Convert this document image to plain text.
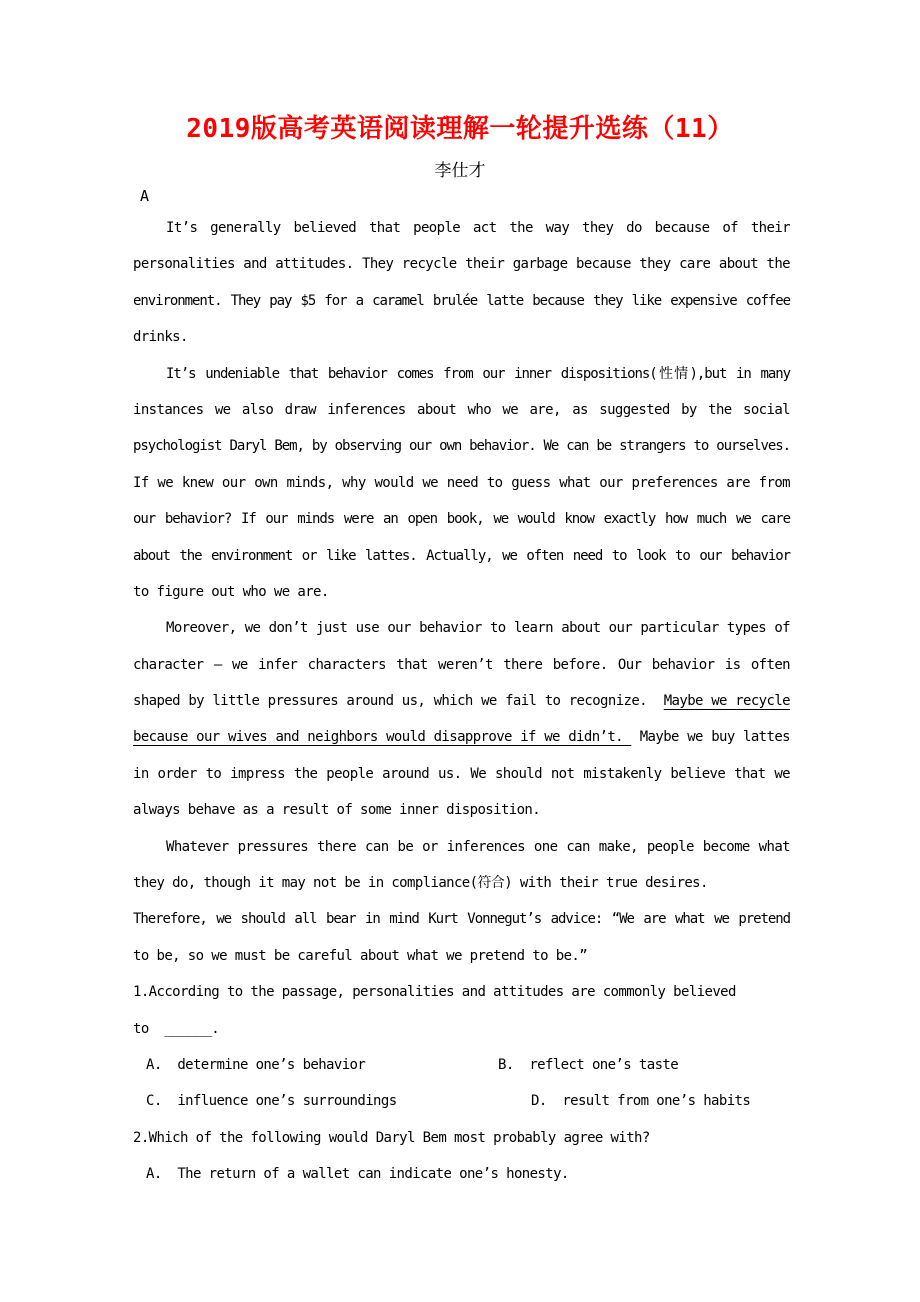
2019版高考英语阅读理解一轮提升选练（11）
李仕才
A
It’s generally believed that people act the way they do because of their
personalities and attitudes. They recycle their garbage because they care about the
environment. They pay $5 for a caramel brulée latte because they like expensive coffee
drinks.
It’s undeniable that behavior comes from our inner dispositions(性情),but in many
instances we also draw inferences about who we are, as suggested by the social
psychologist Daryl Bem, by observing our own behavior. We can be strangers to ourselves.
If we knew our own minds, why would we need to guess what our preferences are from
our behavior? If our minds were an open book, we would know exactly how much we care
about the environment or like lattes. Actually, we often need to look to our behavior
to figure out who we are.
Moreover, we don’t just use our behavior to learn about our particular types of
character — we infer characters that weren’t there before. Our behavior is often
shaped by little pressures around us, which we fail to recognize.  Maybe we recycle
because our wives and neighbors would disapprove if we didn’t.  Maybe we buy lattes
in order to impress the people around us. We should not mistakenly believe that we
always behave as a result of some inner disposition.
Whatever pressures there can be or inferences one can make, people become what
they do, though it may not be in compliance(符合) with their true desires.
Therefore, we should all bear in mind Kurt Vonnegut’s advice: “We are what we pretend
to be, so we must be careful about what we pretend to be.”
1.According to the passage, personalities and attitudes are commonly believed
to  ______.
A.  determine one’s behavior	B.  reflect one’s taste
C.  influence one’s surroundings	D.  result from one’s habits
2.Which of the following would Daryl Bem most probably agree with?
A.  The return of a wallet can indicate one’s honesty.
